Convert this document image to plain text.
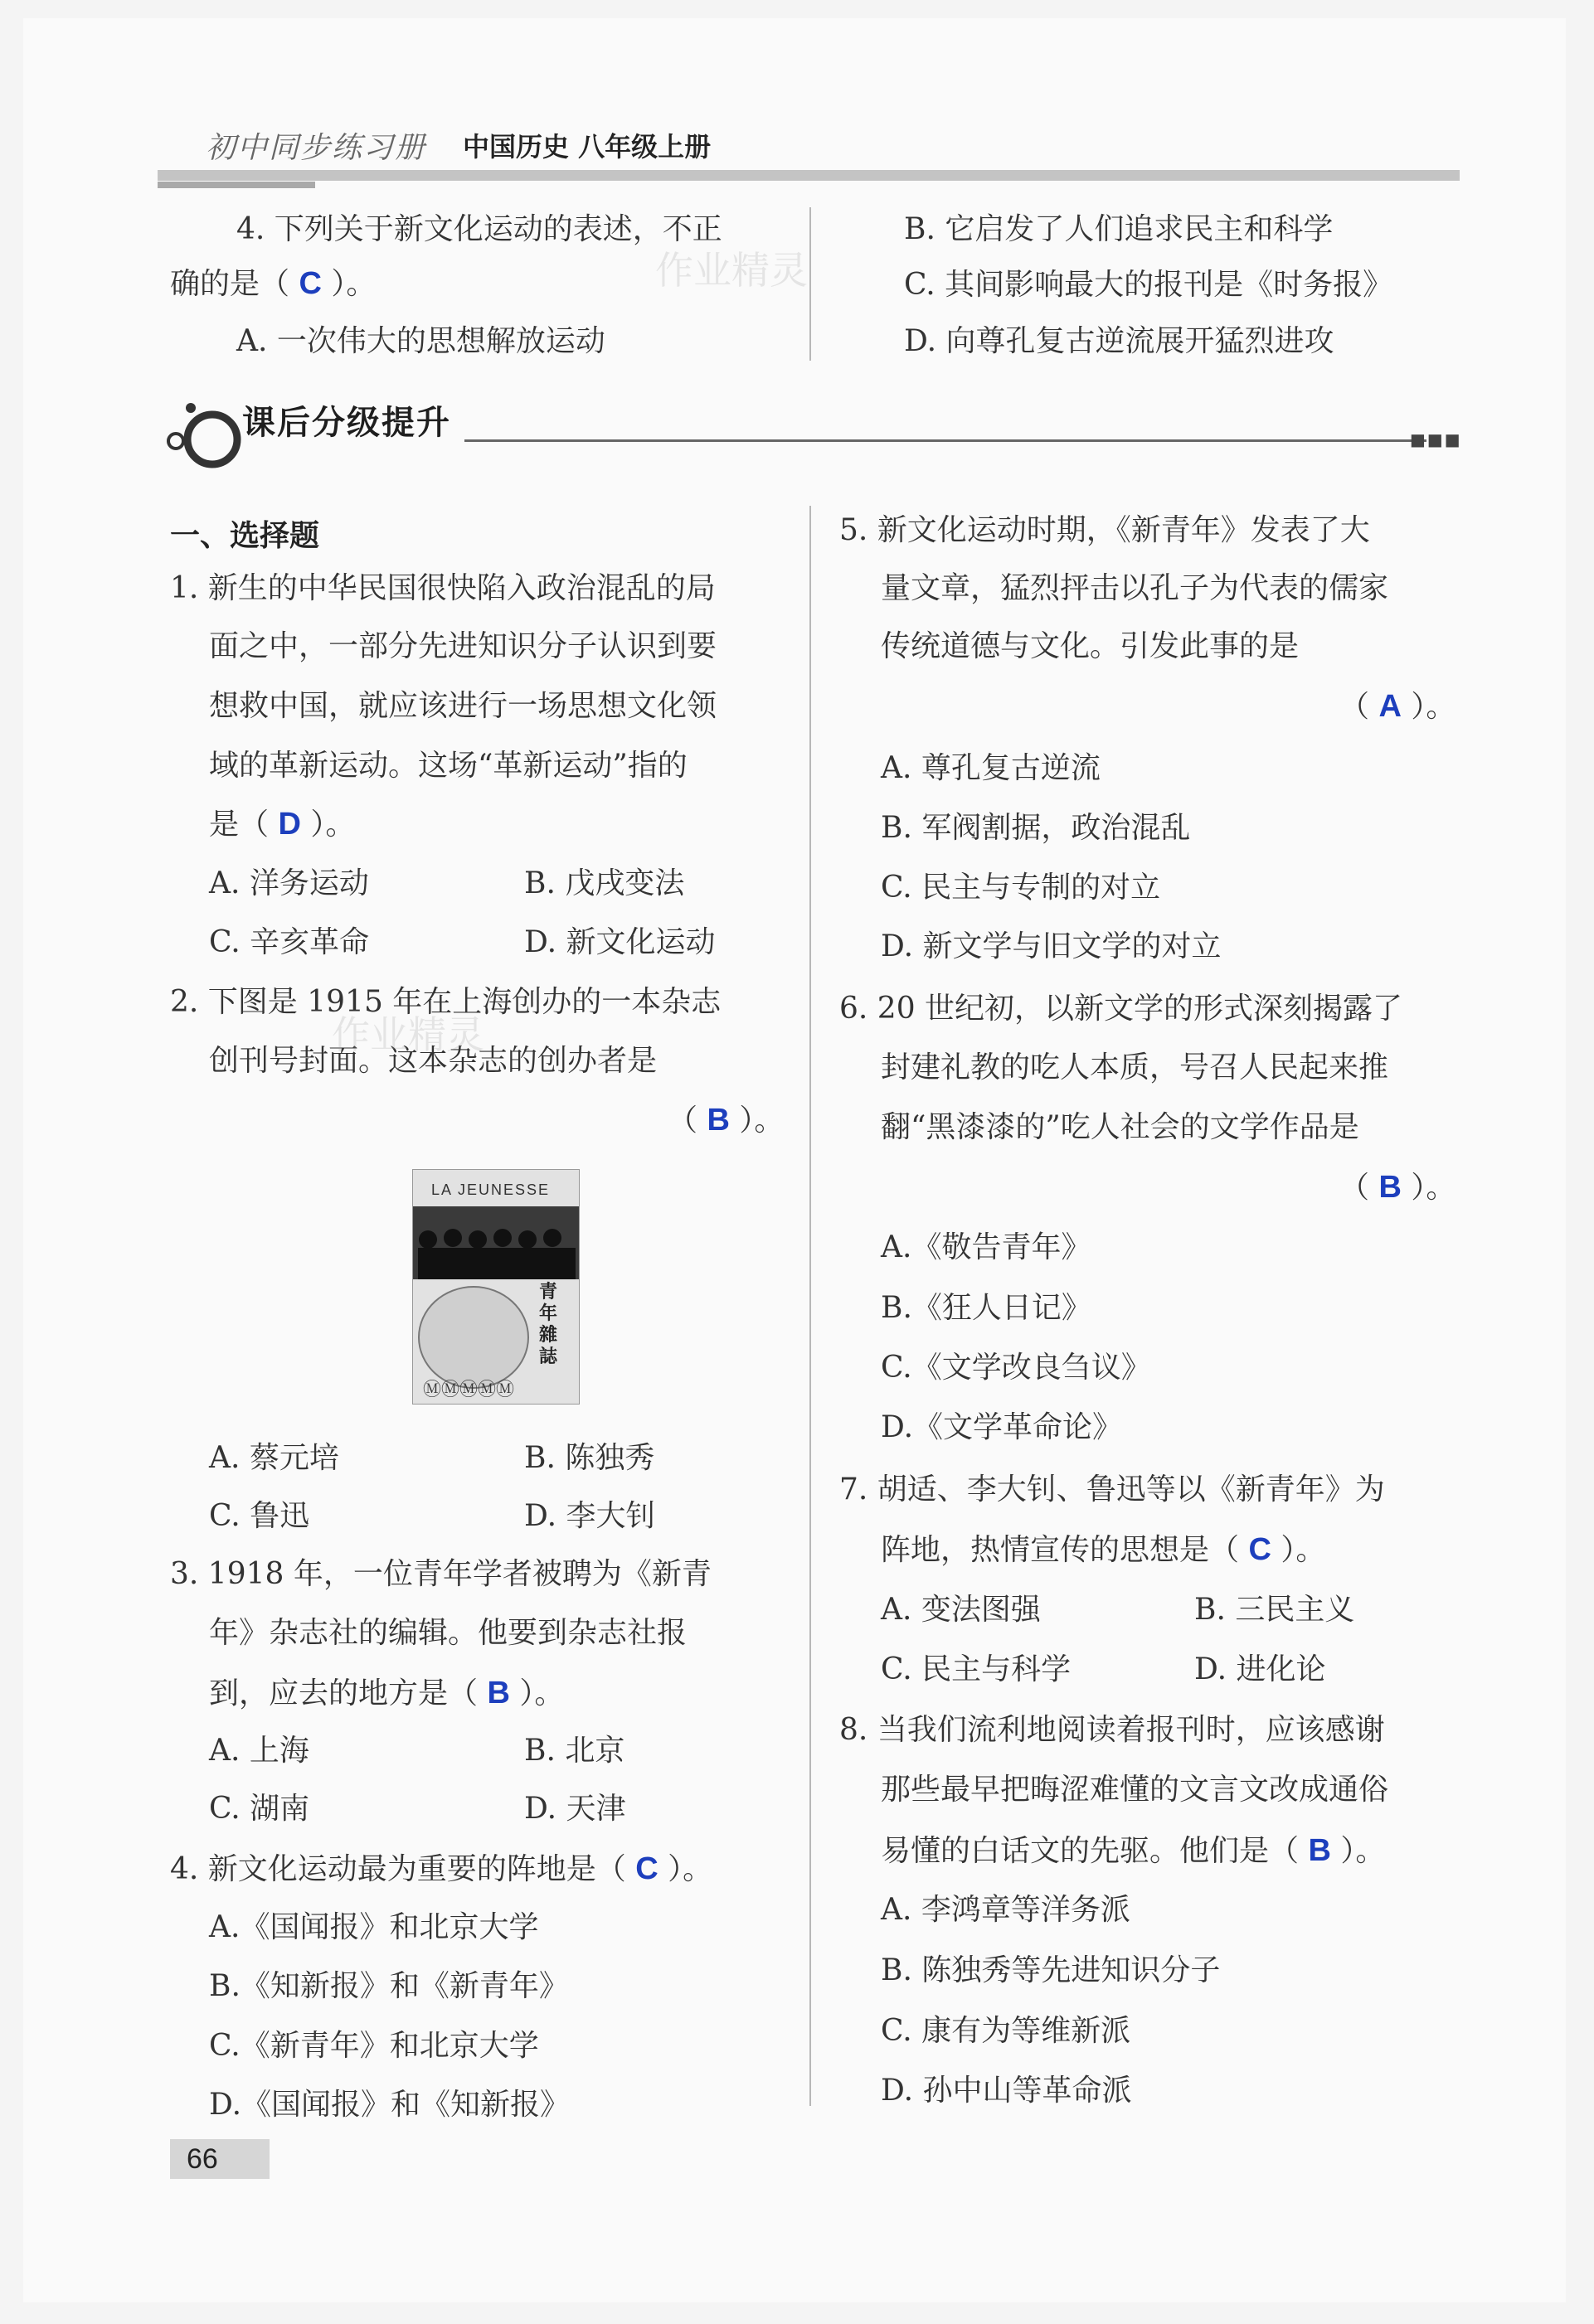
初中同步练习册 中国历史 八年级上册
4. 下列关于新文化运动的表述，不正
确的是（ C ）。
A. 一次伟大的思想解放运动
B. 它启发了人们追求民主和科学
C. 其间影响最大的报刊是《时务报》
D. 向尊孔复古逆流展开猛烈进攻
作业精灵
课后分级提升	■■■
一、选择题
1. 新生的中华民国很快陷入政治混乱的局
面之中，一部分先进知识分子认识到要
想救中国，就应该进行一场思想文化领
域的革新运动。这场“革新运动”指的
是（ D ）。
A. 洋务运动	B. 戊戌变法
C. 辛亥革命	D. 新文化运动
2. 下图是 1915 年在上海创办的一本杂志
创刊号封面。这本杂志的创办者是
（ B ）。
作业精灵
LA JEUNESSE
青年雜誌
ⓂⓂⓂⓂⓂ
A. 蔡元培	B. 陈独秀
C. 鲁迅	D. 李大钊
3. 1918 年，一位青年学者被聘为《新青
年》杂志社的编辑。他要到杂志社报
到，应去的地方是（ B ）。
A. 上海	B. 北京
C. 湖南	D. 天津
4. 新文化运动最为重要的阵地是（ C ）。
A.《国闻报》和北京大学
B.《知新报》和《新青年》
C.《新青年》和北京大学
D.《国闻报》和《知新报》
5. 新文化运动时期，《新青年》发表了大
量文章，猛烈抨击以孔子为代表的儒家
传统道德与文化。引发此事的是
（ A ）。
A. 尊孔复古逆流
B. 军阀割据，政治混乱
C. 民主与专制的对立
D. 新文学与旧文学的对立
6. 20 世纪初，以新文学的形式深刻揭露了
封建礼教的吃人本质，号召人民起来推
翻“黑漆漆的”吃人社会的文学作品是
（ B ）。
A.《敬告青年》
B.《狂人日记》
C.《文学改良刍议》
D.《文学革命论》
7. 胡适、李大钊、鲁迅等以《新青年》为
阵地，热情宣传的思想是（ C ）。
A. 变法图强	B. 三民主义
C. 民主与科学	D. 进化论
8. 当我们流利地阅读着报刊时，应该感谢
那些最早把晦涩难懂的文言文改成通俗
易懂的白话文的先驱。他们是（ B ）。
A. 李鸿章等洋务派
B. 陈独秀等先进知识分子
C. 康有为等维新派
D. 孙中山等革命派
66
